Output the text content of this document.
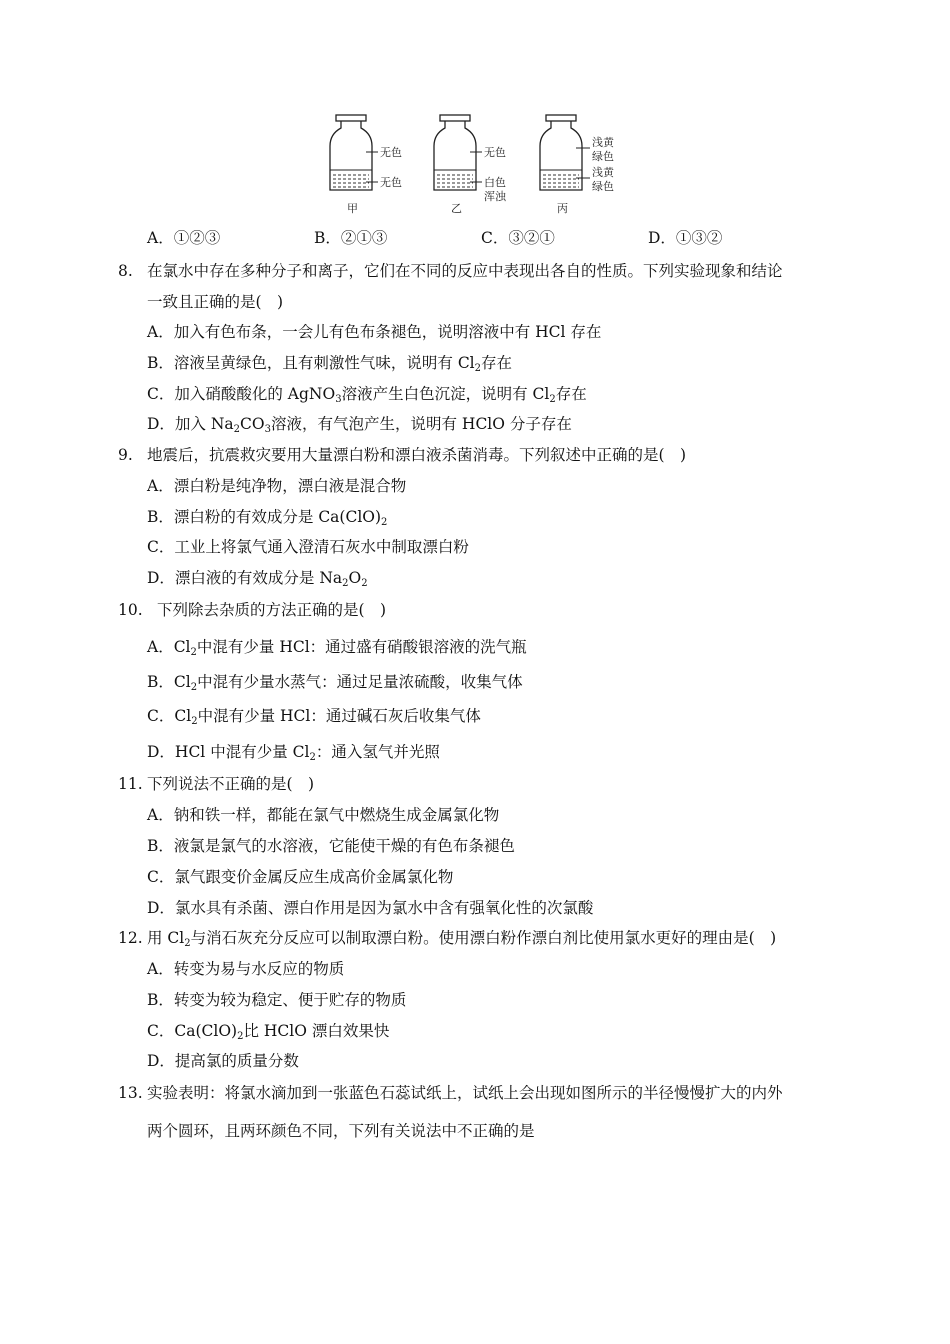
无色
无色
甲
无色
白色
浑浊
乙
浅黄
绿色
浅黄
绿色
丙
A．①②③	B．②①③	C．③②①	D．①③②
8. 在氯水中存在多种分子和离子，它们在不同的反应中表现出各自的性质。下列实验现象和结论
一致且正确的是(　)
A．加入有色布条，一会儿有色布条褪色，说明溶液中有 HCl 存在
B．溶液呈黄绿色，且有刺激性气味，说明有 $Cl_2$存在
C．加入硝酸酸化的 AgNO$_3$溶液产生白色沉淀，说明有 $Cl_2$存在
D．加入 $Na_2CO_3$溶液，有气泡产生，说明有 HClO 分子存在
9. 地震后，抗震救灾要用大量漂白粉和漂白液杀菌消毒。下列叙述中正确的是(　)
A．漂白粉是纯净物，漂白液是混合物
B．漂白粉的有效成分是 $Ca(ClO)_2$
C．工业上将氯气通入澄清石灰水中制取漂白粉
D．漂白液的有效成分是 $Na_2O_2$
10. 下列除去杂质的方法正确的是(　)
A．$Cl_2$中混有少量 HCl：通过盛有硝酸银溶液的洗气瓶
B．$Cl_2$中混有少量水蒸气：通过足量浓硫酸，收集气体
C．$Cl_2$中混有少量 HCl：通过碱石灰后收集气体
D．HCl 中混有少量 $Cl_2$：通入氢气并光照
11. 下列说法不正确的是(　)
A．钠和铁一样，都能在氯气中燃烧生成金属氯化物
B．液氯是氯气的水溶液，它能使干燥的有色布条褪色
C．氯气跟变价金属反应生成高价金属氯化物
D．氯水具有杀菌、漂白作用是因为氯水中含有强氧化性的次氯酸
12. 用 $Cl_2$与消石灰充分反应可以制取漂白粉。使用漂白粉作漂白剂比使用氯水更好的理由是(　)
A．转变为易与水反应的物质
B．转变为较为稳定、便于贮存的物质
C．$Ca(ClO)_2$比 HClO 漂白效果快
D．提高氯的质量分数
13. 实验表明：将氯水滴加到一张蓝色石蕊试纸上，试纸上会出现如图所示的半径慢慢扩大的内外
两个圆环，且两环颜色不同，下列有关说法中不正确的是
